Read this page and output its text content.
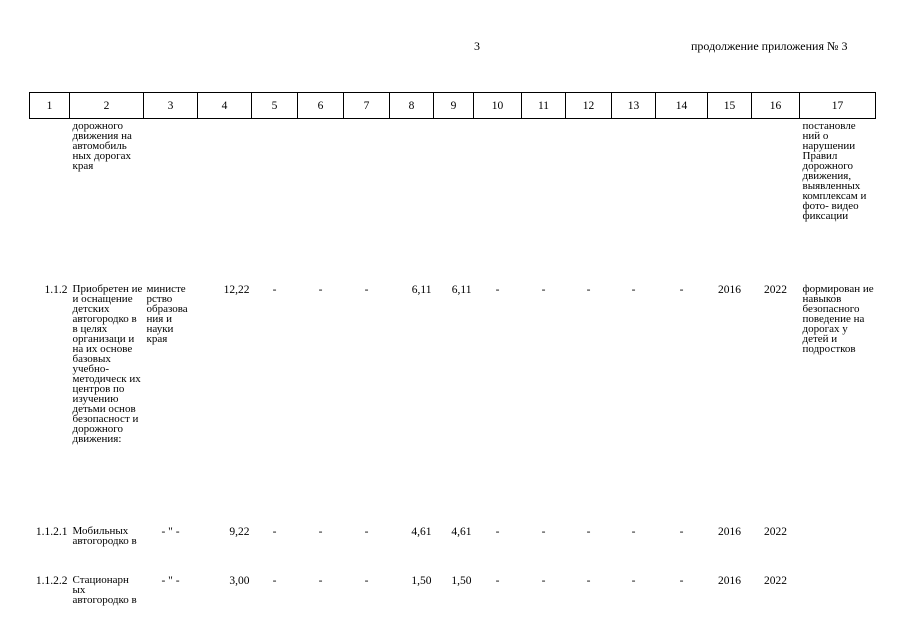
3	продолжение приложения № 3
1	2	3	4	5	6	7	8	9	10	11	12	13	14	15	16	17
	дорожного движения на автомобиль ных дорогах края															постановле ний о нарушении Правил дорожного движения, выявленных комплексам и фото- видео фиксации
1.1.2	Приобретен ие и оснащение детских автогородко в в целях организаци и на их основе базовых учебно- методическ их центров по изучению детьми основ безопасност и дорожного движения:	министе рство образова ния и науки края	12,22	-	-	-	6,11	6,11	-	-	-	-	-	2016	2022	формирован ие навыков безопасного поведение на дорогах у детей и подростков
1.1.2.1	Мобильных автогородко в	- " -	9,22	-	-	-	4,61	4,61	-	-	-	-	-	2016	2022	
1.1.2.2	Стационарн ых автогородко в	- " -	3,00	-	-	-	1,50	1,50	-	-	-	-	-	2016	2022	
